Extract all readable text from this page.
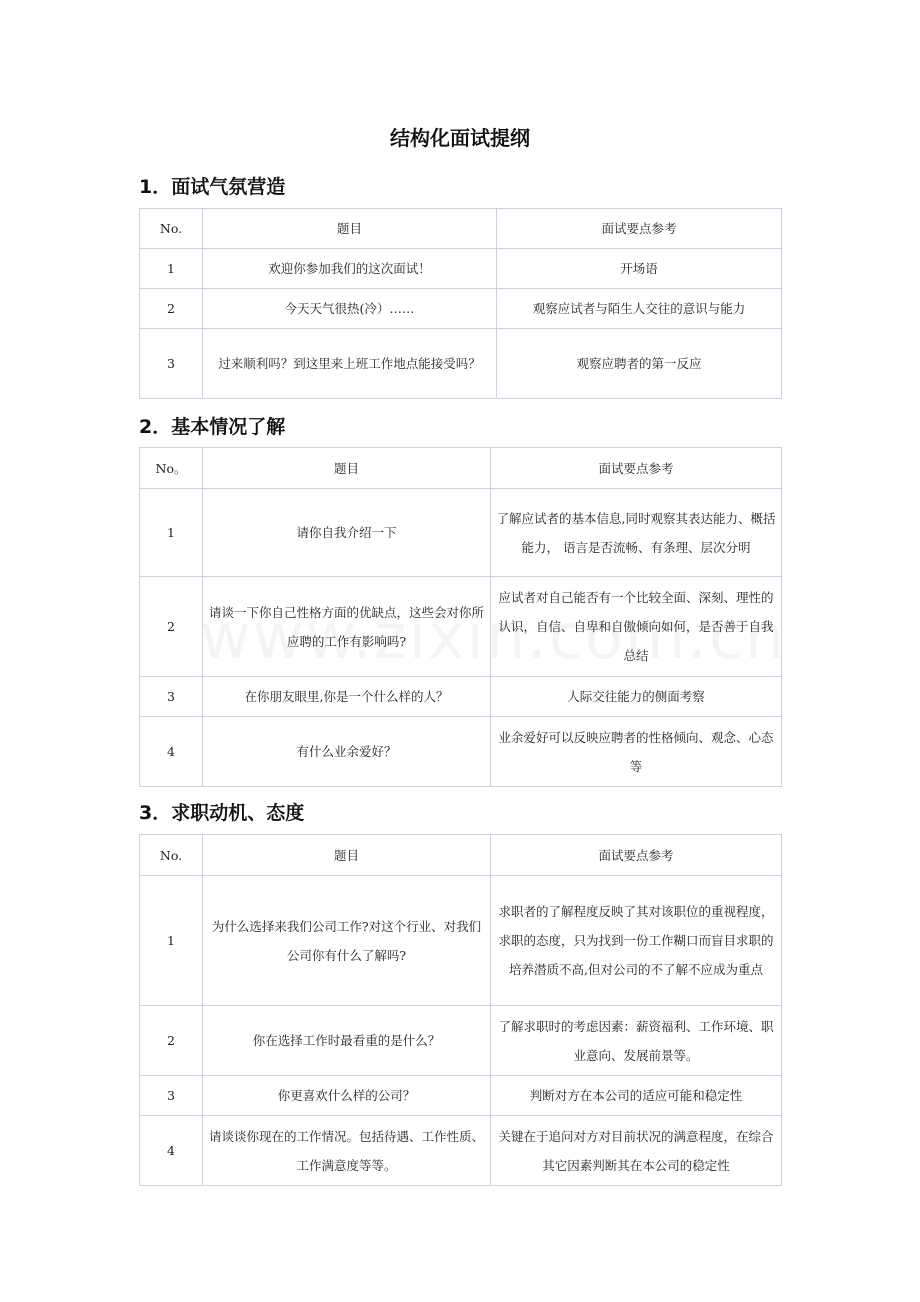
结构化面试提纲
1．面试气氛营造
No.	题目	面试要点参考
1	欢迎你参加我们的这次面试！	开场语
2	今天天气很热(冷）……	观察应试者与陌生人交往的意识与能力
3	过来顺利吗？到这里来上班工作地点能接受吗？	观察应聘者的第一反应
2．基本情况了解
No。	题目	面试要点参考
1	请你自我介绍一下	了解应试者的基本信息,同时观察其表达能力、概括能力， 语言是否流畅、有条理、层次分明
2	请谈一下你自己性格方面的优缺点，这些会对你所应聘的工作有影响吗?	应试者对自己能否有一个比较全面、深刻、理性的认识，自信、自卑和自傲倾向如何，是否善于自我总结
3	在你朋友眼里,你是一个什么样的人？	人际交往能力的侧面考察
4	有什么业余爱好？	业余爱好可以反映应聘者的性格倾向、观念、心态等
3．求职动机、态度
No.	题目	面试要点参考
1	为什么选择来我们公司工作?对这个行业、对我们公司你有什么了解吗?	求职者的了解程度反映了其对该职位的重视程度，求职的态度，只为找到一份工作糊口而盲目求职的培养潜质不高,但对公司的不了解不应成为重点
2	你在选择工作时最看重的是什么？	了解求职时的考虑因素：薪资福利、工作环境、职业意向、发展前景等。
3	你更喜欢什么样的公司？	判断对方在本公司的适应可能和稳定性
4	请谈谈你现在的工作情况。包括待遇、工作性质、工作满意度等等。	关键在于追问对方对目前状况的满意程度，在综合其它因素判断其在本公司的稳定性
